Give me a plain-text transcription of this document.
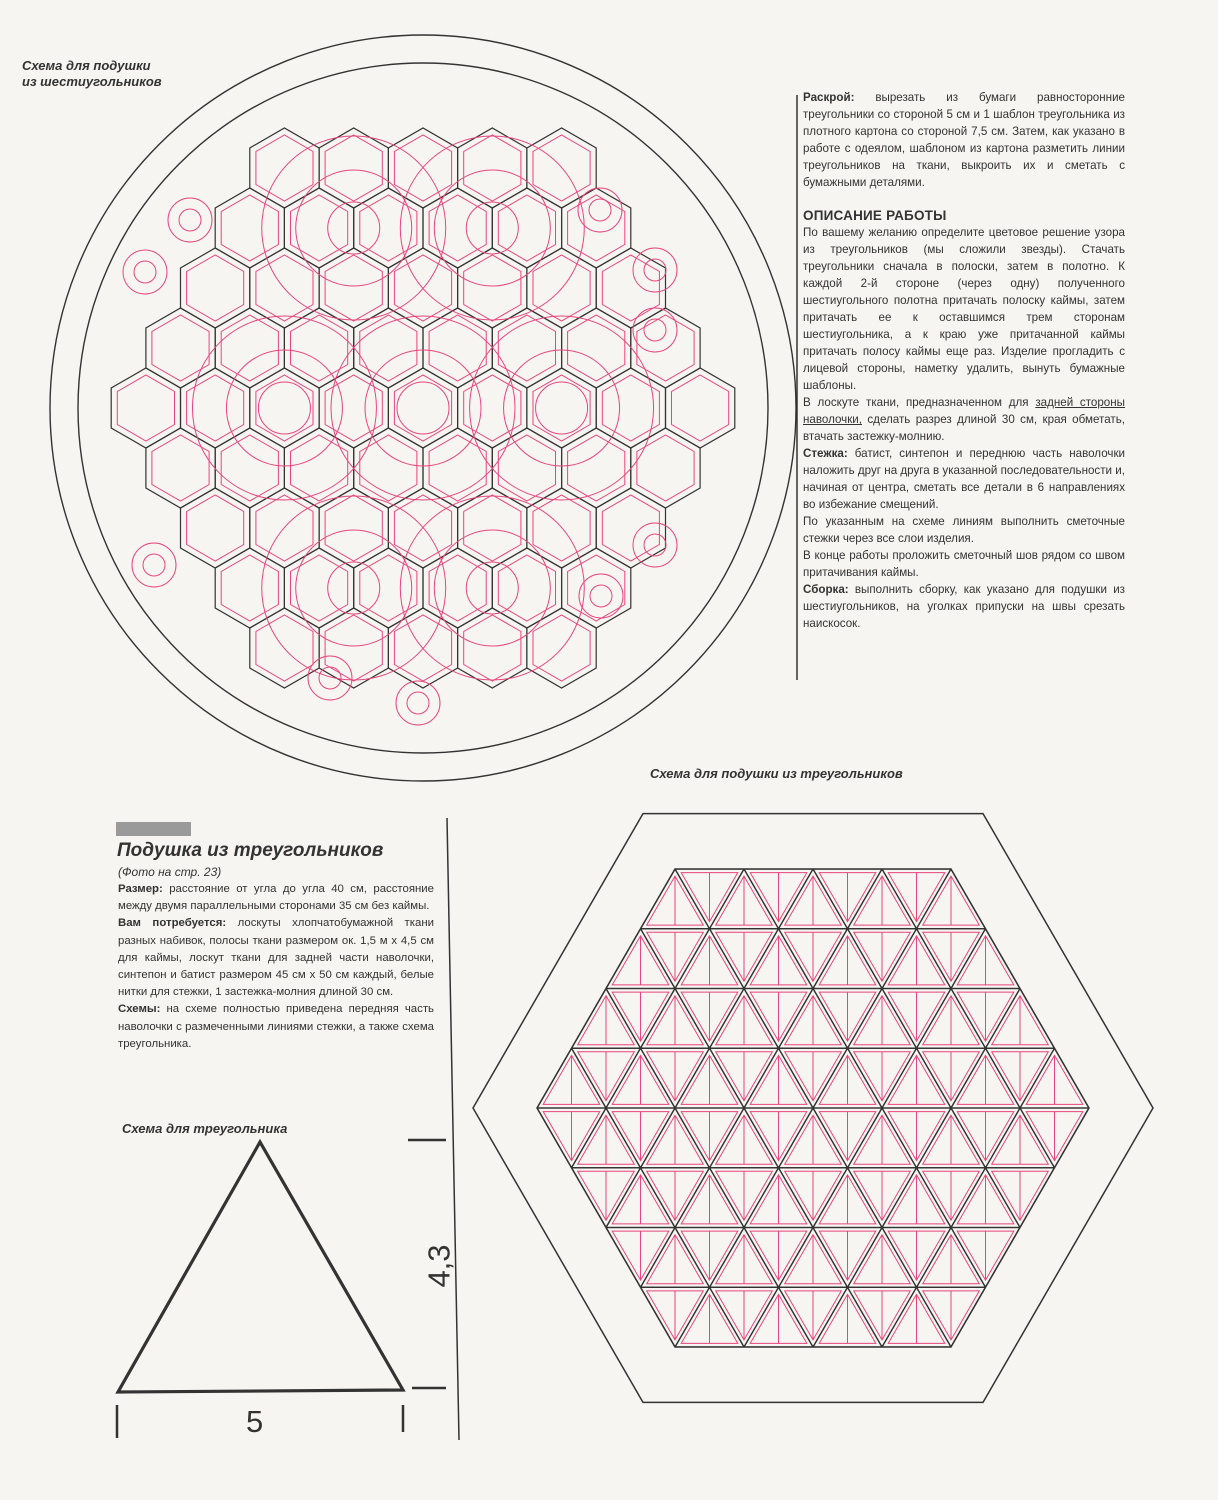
Схема для подушки
из шестиугольников

Раскрой: вырезать из бумаги равносторонние треугольники со стороной 5 см и 1 шаблон треугольника из плотного картона со стороной 7,5 см. Затем, как указано в работе с одеялом, шаблоном из картона разметить линии треугольников на ткани, выкроить их и сметать с бумажными деталями.

ОПИСАНИЕ РАБОТЫ

По вашему желанию определите цветовое решение узора из треугольников (мы сложили звезды). Стачать треугольники сначала в полоски, затем в полотно. К каждой 2-й стороне (через одну) полученного шестиугольного полотна притачать полоску каймы, затем притачать ее к оставшимся трем сторонам шестиугольника, а к краю уже притачанной каймы притачать полосу каймы еще раз. Изделие прогладить с лицевой стороны, наметку удалить, вынуть бумажные шаблоны.

В лоскуте ткани, предназначенном для задней стороны наволочки, сделать разрез длиной 30 см, края обметать, втачать застежку-молнию.

Стежка: батист, синтепон и переднюю часть наволочки наложить друг на друга в указанной последовательности и, начиная от центра, сметать все детали в 6 направлениях во избежание смещений.

По указанным на схеме линиям выполнить сметочные стежки через все слои изделия.

В конце работы проложить сметочный шов рядом со швом притачивания каймы.

Сборка: выполнить сборку, как указано для подушки из шестиугольников, на уголках припуски на швы срезать наискосок.

Схема для подушки из треугольников
Подушка из треугольников
(Фото на стр. 23)

Размер: расстояние от угла до угла 40 см, расстояние между двумя параллельными сторонами 35 см без каймы.

Вам потребуется: лоскуты хлопчатобумажной ткани разных набивок, полосы ткани размером ок. 1,5 м х 4,5 см для каймы, лоскут ткани для задней части наволочки, синтепон и батист размером 45 см х 50 см каждый, белые нитки для стежки, 1 застежка-молния длиной 30 см.

Схемы: на схеме полностью приведена передняя часть наволочки с размеченными линиями стежки, а также схема треугольника.

Схема для треугольника
4,3
5
